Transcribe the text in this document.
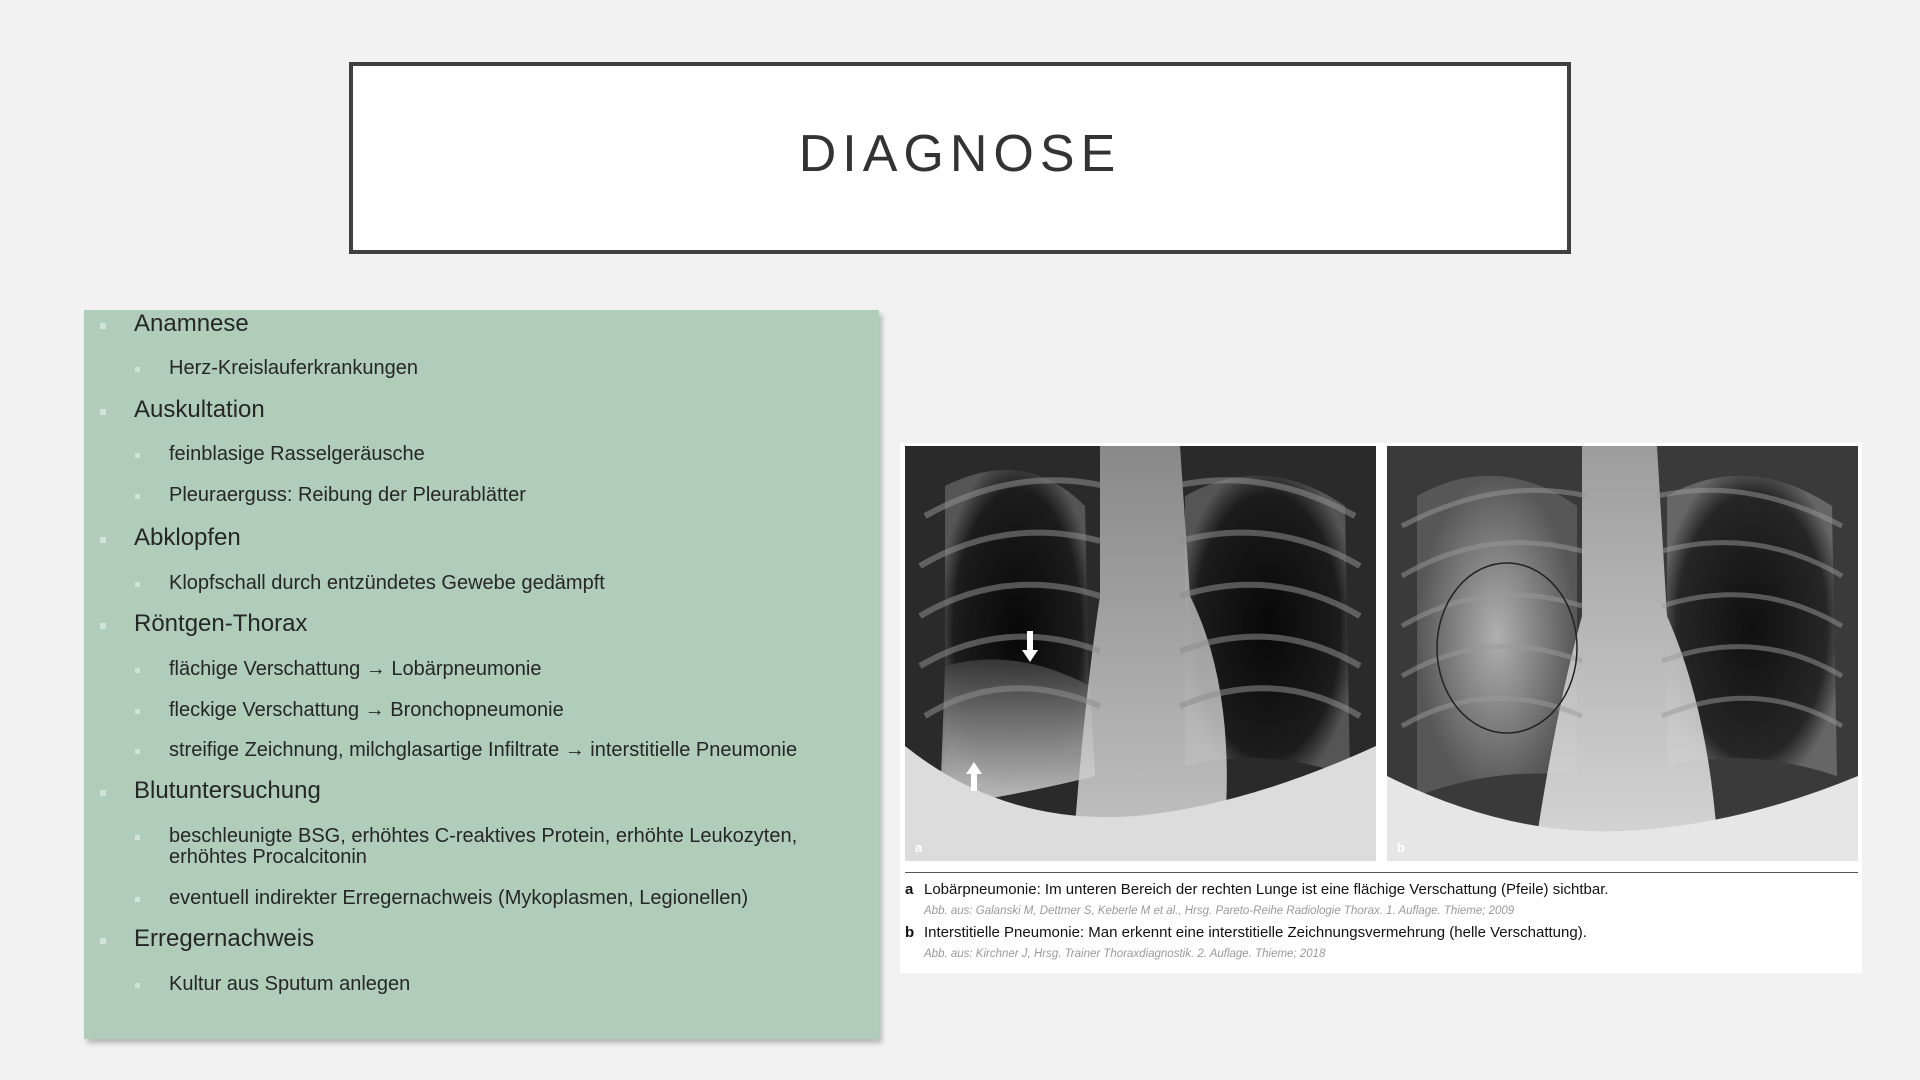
DIAGNOSE
Anamnese
Herz-Kreislauferkrankungen
Auskultation
feinblasige Rasselgeräusche
Pleuraerguss: Reibung der Pleurablätter
Abklopfen
Klopfschall durch entzündetes Gewebe gedämpft
Röntgen-Thorax
flächige Verschattung → Lobärpneumonie
fleckige Verschattung → Bronchopneumonie
streifige Zeichnung, milchglasartige Infiltrate → interstitielle Pneumonie
Blutuntersuchung
beschleunigte BSG, erhöhtes C-reaktives Protein, erhöhte Leukozyten, erhöhtes Procalcitonin
eventuell indirekter Erregernachweis (Mykoplasmen, Legionellen)
Erregernachweis
Kultur aus Sputum anlegen
a	b
a Lobärpneumonie: Im unteren Bereich der rechten Lunge ist eine flächige Verschattung (Pfeile) sichtbar.
Abb. aus: Galanski M, Dettmer S, Keberle M et al., Hrsg. Pareto-Reihe Radiologie Thorax. 1. Auflage. Thieme; 2009
b Interstitielle Pneumonie: Man erkennt eine interstitielle Zeichnungsvermehrung (helle Verschattung).
Abb. aus: Kirchner J, Hrsg. Trainer Thoraxdiagnostik. 2. Auflage. Thieme; 2018
